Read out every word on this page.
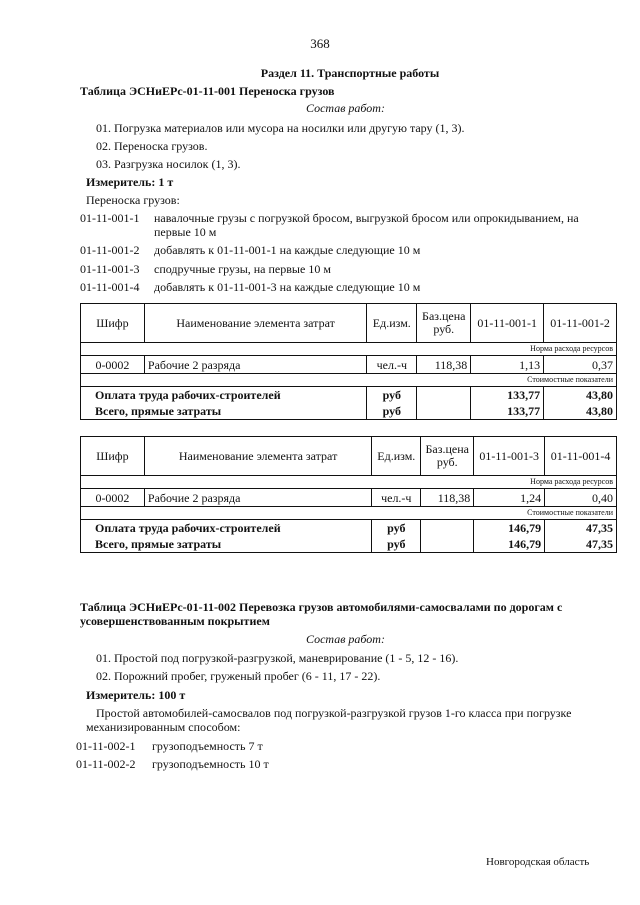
368
Раздел 11. Транспортные работы
Таблица ЭСНиЕРс-01-11-001 Переноска грузов
Состав работ:
01. Погрузка материалов или мусора на носилки или другую тару (1, 3).
02. Переноска грузов.
03. Разгрузка носилок (1, 3).
Измеритель: 1 т
Переноска грузов:
01-11-001-1 навалочные грузы с погрузкой бросом, выгрузкой бросом или опрокидыванием, на
первые 10 м
01-11-001-2 добавлять к 01-11-001-1 на каждые следующие 10 м
01-11-001-3 сподручные грузы, на первые 10 м
01-11-001-4 добавлять к 01-11-001-3 на каждые следующие 10 м
Шифр	Наименование элемента затрат	Ед.изм.	Баз.цена руб.	01-11-001-1	01-11-001-2
Норма расхода ресурсов					
0-0002	Рабочие 2 разряда	чел.-ч	118,38	1,13	0,37
Стоимостные показатели					
Оплата труда рабочих-строителей		руб		133,77	43,80
Всего, прямые затраты		руб		133,77	43,80
Шифр	Наименование элемента затрат	Ед.изм.	Баз.цена руб.	01-11-001-3	01-11-001-4
Норма расхода ресурсов					
0-0002	Рабочие 2 разряда	чел.-ч	118,38	1,24	0,40
Стоимостные показатели					
Оплата труда рабочих-строителей		руб		146,79	47,35
Всего, прямые затраты		руб		146,79	47,35
Таблица ЭСНиЕРс-01-11-002 Перевозка грузов автомобилями-самосвалами по дорогам с
усовершенствованным покрытием
Состав работ:
01. Простой под погрузкой-разгрузкой, маневрирование (1 - 5, 12 - 16).
02. Порожний пробег, груженый пробег (6 - 11, 17 - 22).
Измеритель: 100 т
Простой автомобилей-самосвалов под погрузкой-разгрузкой грузов 1-го класса при погрузке
механизированным способом:
01-11-002-1 грузоподъемность 7 т
01-11-002-2 грузоподъемность 10 т
Новгородская область
